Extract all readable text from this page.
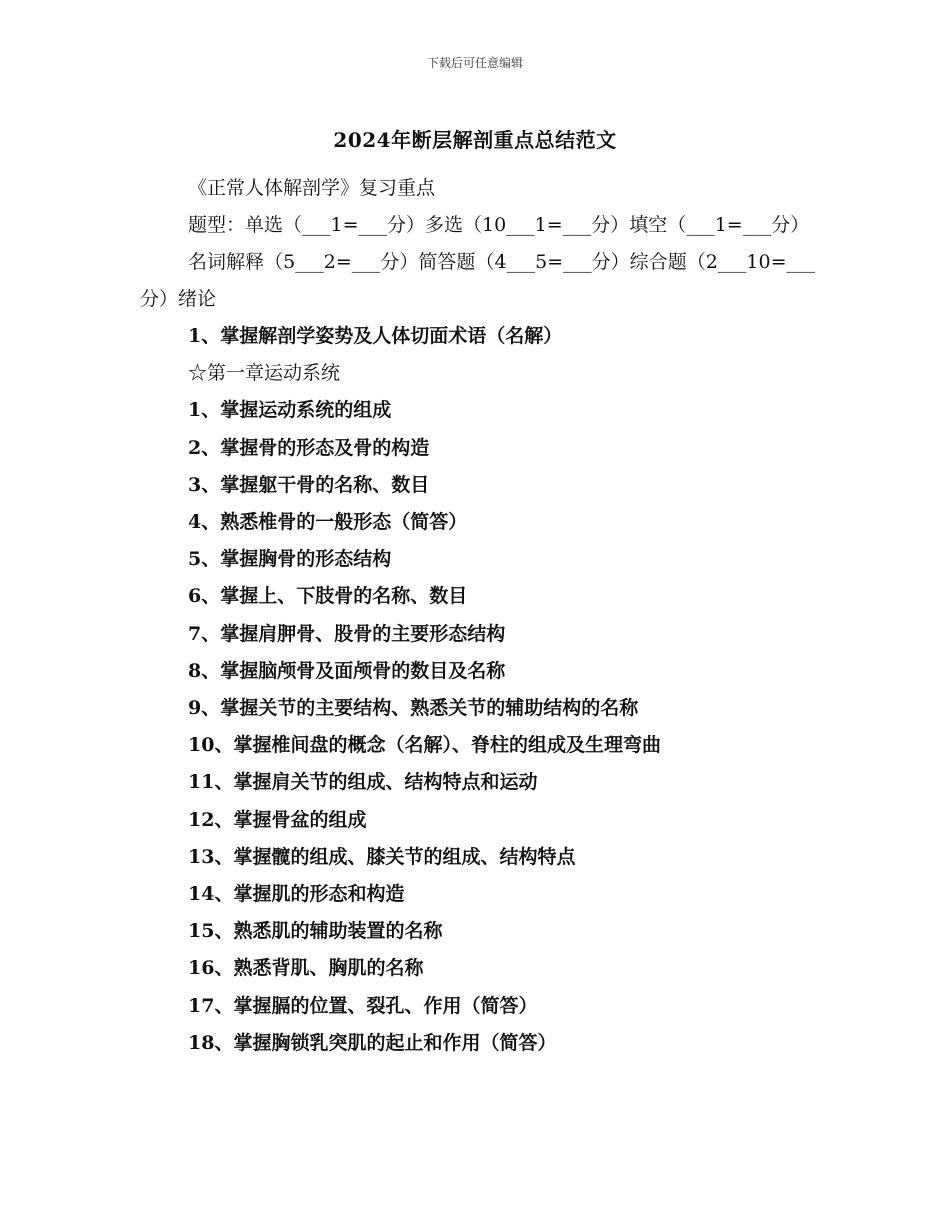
下载后可任意编辑
2024年断层解剖重点总结范文

《正常人体解剖学》复习重点

题型：单选（___1=___分）多选（10___1=___分）填空（___1=___分）

名词解释（5___2=___分）简答题（4___5=___分）综合题（2___10=___分）绪论

1、掌握解剖学姿势及人体切面术语（名解）

☆第一章运动系统

1、掌握运动系统的组成

2、掌握骨的形态及骨的构造

3、掌握躯干骨的名称、数目

4、熟悉椎骨的一般形态（简答）

5、掌握胸骨的形态结构

6、掌握上、下肢骨的名称、数目

7、掌握肩胛骨、股骨的主要形态结构

8、掌握脑颅骨及面颅骨的数目及名称

9、掌握关节的主要结构、熟悉关节的辅助结构的名称

10、掌握椎间盘的概念（名解）、脊柱的组成及生理弯曲

11、掌握肩关节的组成、结构特点和运动

12、掌握骨盆的组成

13、掌握髋的组成、膝关节的组成、结构特点

14、掌握肌的形态和构造

15、熟悉肌的辅助装置的名称

16、熟悉背肌、胸肌的名称

17、掌握膈的位置、裂孔、作用（简答）

18、掌握胸锁乳突肌的起止和作用（简答）
